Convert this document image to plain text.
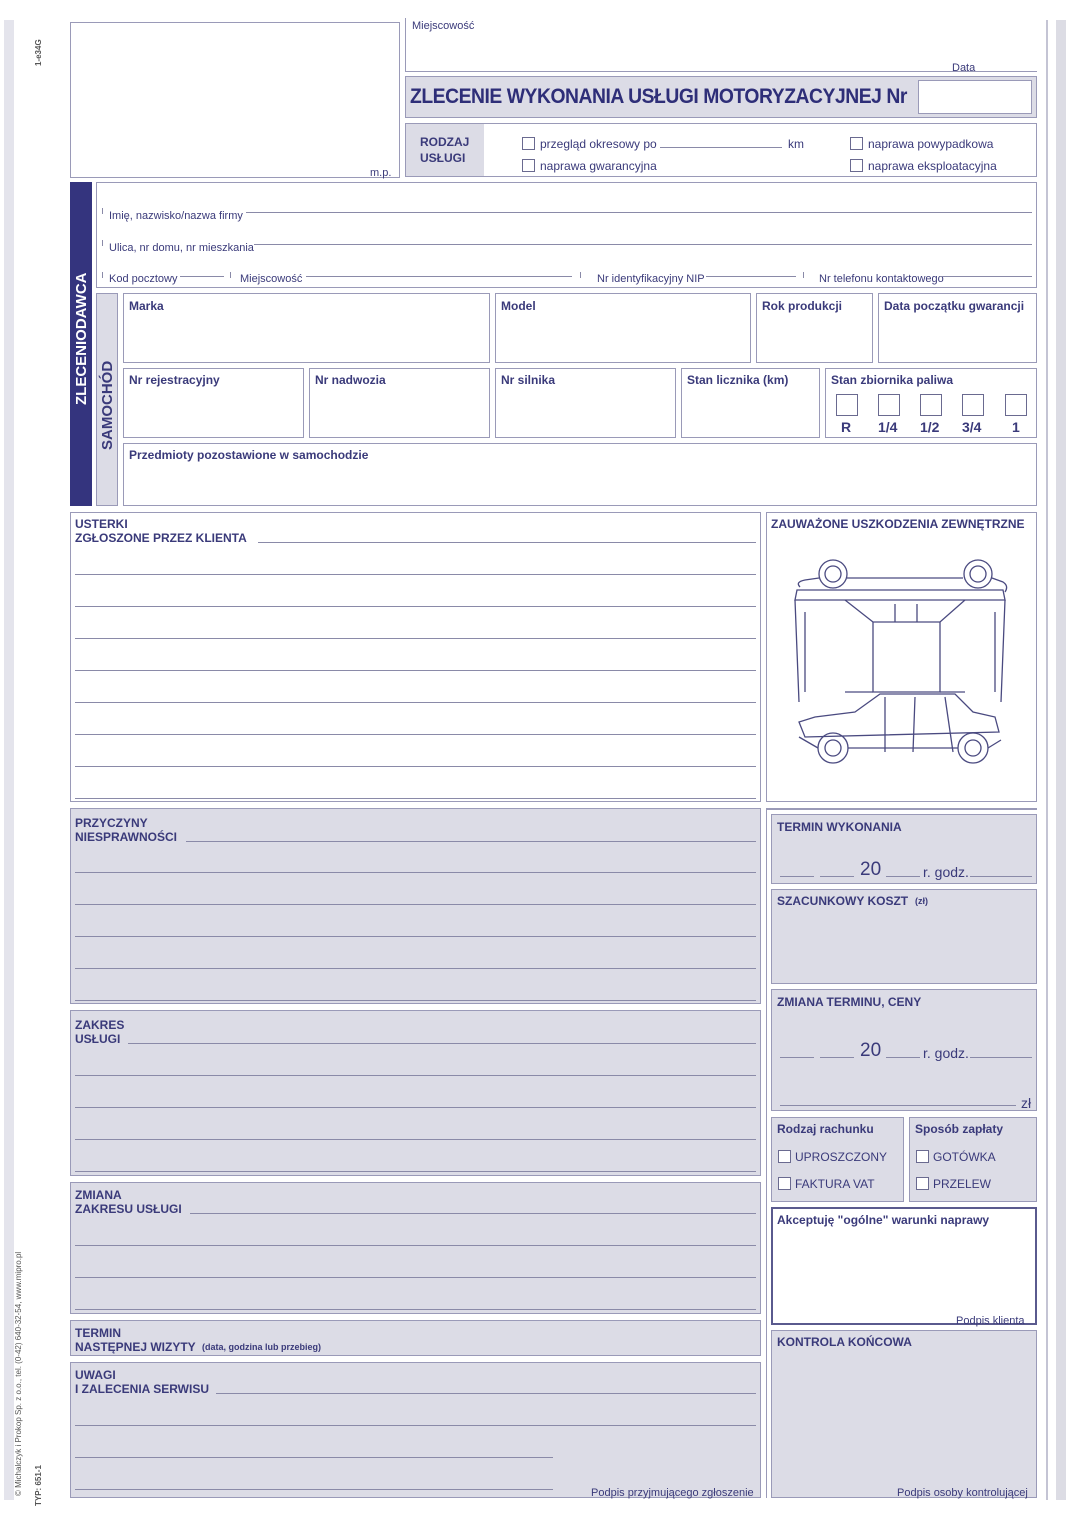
1-e34G
© Michalczyk i Prokop Sp. z o.o., tel. (0-42) 640-32-54, www.mipro.pl	TYP: 651-1
m.p.
Miejscowość
Data
ZLECENIE WYKONANIA USŁUGI MOTORYZACYJNEJ Nr
RODZAJ
USŁUGI
przegląd okresowy po	km
naprawa gwarancyjna
naprawa powypadkowa
naprawa eksploatacyjna
ZLECENIODAWCA
Imię, nazwisko/nazwa firmy
Ulica, nr domu, nr mieszkania
Kod pocztowy	Miejscowość	Nr identyfikacyjny NIP	Nr telefonu kontaktowego
SAMOCHÓD
Marka	Model	Rok produkcji	Data początku gwarancji
Nr rejestracyjny	Nr nadwozia	Nr silnika	Stan licznika (km)	Stan zbiornika paliwa
R 1/4 1/2 3/4 1
Przedmioty pozostawione w samochodzie
USTERKI
ZGŁOSZONE PRZEZ KLIENTA
ZAUWAŻONE USZKODZENIA ZEWNĘTRZNE
PRZYCZYNY
NIESPRAWNOŚCI
ZAKRES
USŁUGI
ZMIANA
ZAKRESU USŁUGI
TERMIN
NASTĘPNEJ WIZYTY (data, godzina lub przebieg)
UWAGI
I ZALECENIA SERWISU
Podpis przyjmującego zgłoszenie
TERMIN WYKONANIA
20	r. godz.
SZACUNKOWY KOSZT (zł)
ZMIANA TERMINU, CENY
20	r. godz.
zł
Rodzaj rachunku
UPROSZCZONY
FAKTURA VAT
Sposób zapłaty
GOTÓWKA
PRZELEW
Akceptuję "ogólne" warunki naprawy
Podpis klienta
KONTROLA KOŃCOWA
Podpis osoby kontrolującej
